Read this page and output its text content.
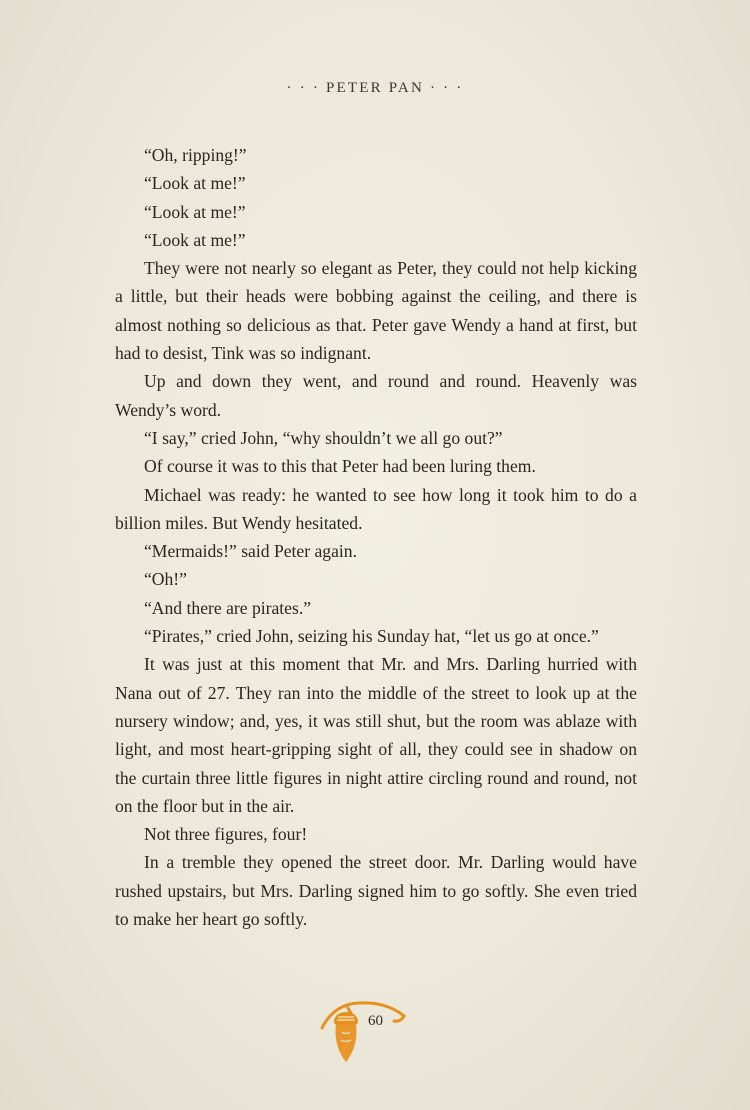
· · · PETER PAN · · ·

“Oh, ripping!”

“Look at me!”

“Look at me!”

“Look at me!”

They were not nearly so elegant as Peter, they could not help kicking a little, but their heads were bobbing against the ceiling, and there is almost nothing so delicious as that. Peter gave Wendy a hand at first, but had to desist, Tink was so indignant.

Up and down they went, and round and round. Heavenly was Wendy’s word.

“I say,” cried John, “why shouldn’t we all go out?”

Of course it was to this that Peter had been luring them.

Michael was ready: he wanted to see how long it took him to do a billion miles. But Wendy hesitated.

“Mermaids!” said Peter again.

“Oh!”

“And there are pirates.”

“Pirates,” cried John, seizing his Sunday hat, “let us go at once.”

It was just at this moment that Mr. and Mrs. Darling hurried with Nana out of 27. They ran into the middle of the street to look up at the nursery window; and, yes, it was still shut, but the room was ablaze with light, and most heart-gripping sight of all, they could see in shadow on the curtain three little figures in night attire circling round and round, not on the floor but in the air.

Not three figures, four!

In a tremble they opened the street door. Mr. Darling would have rushed upstairs, but Mrs. Darling signed him to go softly. She even tried to make her heart go softly.

60
